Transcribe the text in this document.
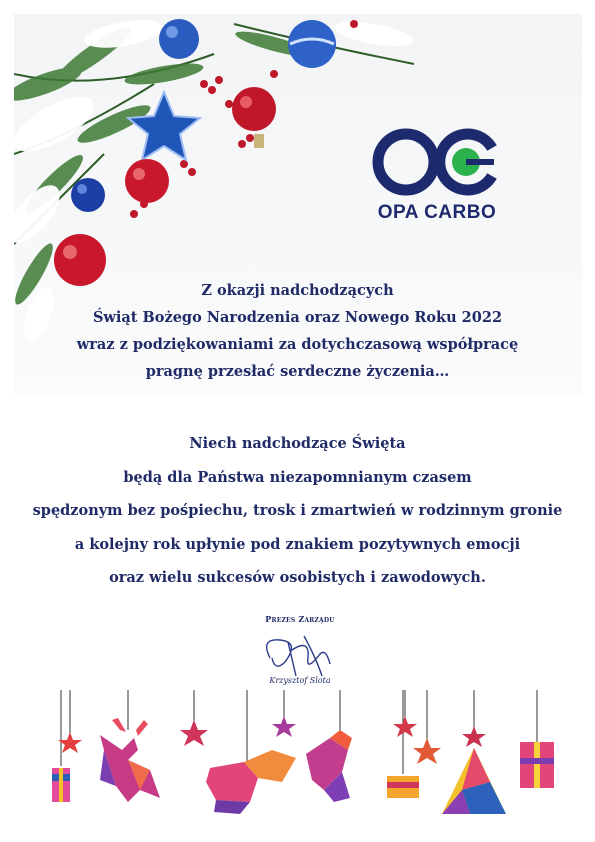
OPA CARBO
Z okazji nadchodzących
Świąt Bożego Narodzenia oraz Nowego Roku 2022
wraz z podziękowaniami za dotychczasową współpracę
pragnę przesłać serdeczne życzenia…
Niech nadchodzące Święta
będą dla Państwa niezapomnianym czasem
spędzonym bez pośpiechu, trosk i zmartwień w rodzinnym gronie
a kolejny rok upłynie pod znakiem pozytywnych emocji
oraz wielu sukcesów osobistych i zawodowych.
Prezes Zarządu
Krzysztof Slota
